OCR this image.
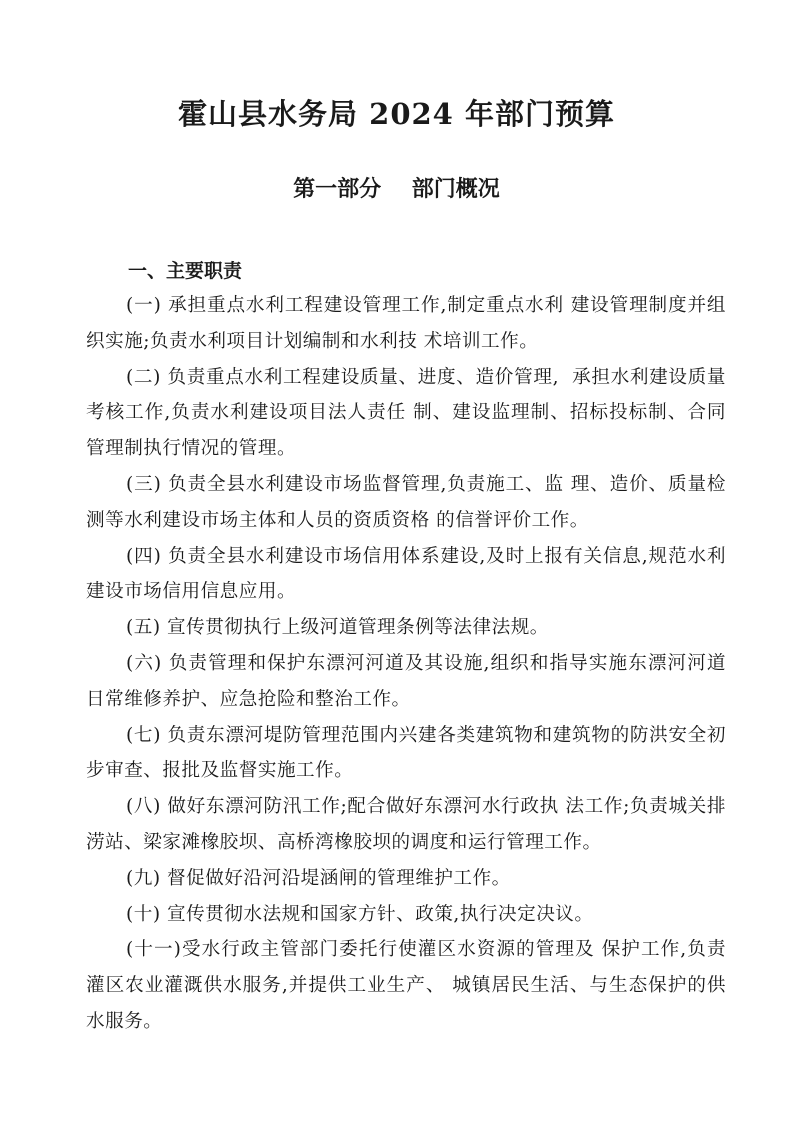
霍山县水务局 2024 年部门预算
第一部分    部门概况
一、主要职责

(一) 承担重点水利工程建设管理工作,制定重点水利 建设管理制度并组织实施;负责水利项目计划编制和水利技 术培训工作。

(二) 负责重点水利工程建设质量、进度、造价管理,  承担水利建设质量考核工作,负责水利建设项目法人责任 制、建设监理制、招标投标制、合同管理制执行情况的管理。

(三) 负责全县水利建设市场监督管理,负责施工、监 理、造价、质量检测等水利建设市场主体和人员的资质资格 的信誉评价工作。

(四) 负责全县水利建设市场信用体系建设,及时上报有关信息,规范水利建设市场信用信息应用。

(五) 宣传贯彻执行上级河道管理条例等法律法规。

(六) 负责管理和保护东漂河河道及其设施,组织和指导实施东漂河河道日常维修养护、应急抢险和整治工作。

(七) 负责东漂河堤防管理范围内兴建各类建筑物和建筑物的防洪安全初步审查、报批及监督实施工作。

(八) 做好东漂河防汛工作;配合做好东漂河水行政执 法工作;负责城关排涝站、梁家滩橡胶坝、高桥湾橡胶坝的调度和运行管理工作。

(九) 督促做好沿河沿堤涵闸的管理维护工作。

(十) 宣传贯彻水法规和国家方针、政策,执行决定决议。

(十一)受水行政主管部门委托行使灌区水资源的管理及 保护工作,负责灌区农业灌溉供水服务,并提供工业生产、 城镇居民生活、与生态保护的供水服务。
